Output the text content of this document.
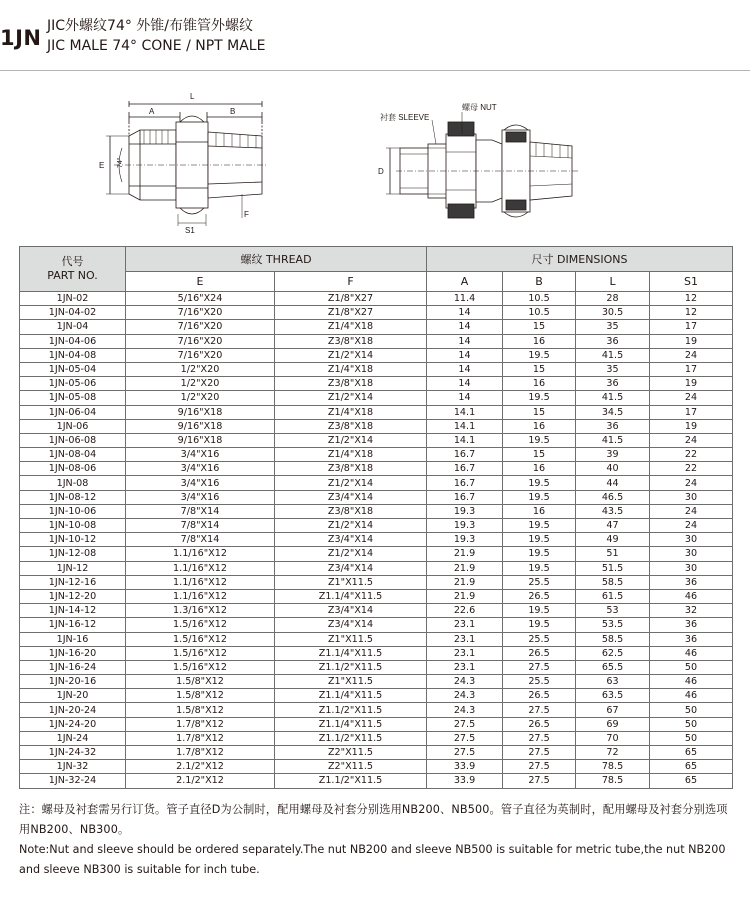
1JN JIC外螺纹74° 外锥/布锥管外螺纹
JIC MALE 74° CONE / NPT MALE
A
L
B
E
F
S1
74°
衬套 SLEEVE
螺母 NUT
D
代号
PART NO.	螺纹 THREAD		尺寸 DIMENSIONS			
	E	F	A	B	L	S1
1JN-02	5/16"X24	Z1/8"X27	11.4	10.5	28	12
1JN-04-02	7/16"X20	Z1/8"X27	14	10.5	30.5	12
1JN-04	7/16"X20	Z1/4"X18	14	15	35	17
1JN-04-06	7/16"X20	Z3/8"X18	14	16	36	19
1JN-04-08	7/16"X20	Z1/2"X14	14	19.5	41.5	24
1JN-05-04	1/2"X20	Z1/4"X18	14	15	35	17
1JN-05-06	1/2"X20	Z3/8"X18	14	16	36	19
1JN-05-08	1/2"X20	Z1/2"X14	14	19.5	41.5	24
1JN-06-04	9/16"X18	Z1/4"X18	14.1	15	34.5	17
1JN-06	9/16"X18	Z3/8"X18	14.1	16	36	19
1JN-06-08	9/16"X18	Z1/2"X14	14.1	19.5	41.5	24
1JN-08-04	3/4"X16	Z1/4"X18	16.7	15	39	22
1JN-08-06	3/4"X16	Z3/8"X18	16.7	16	40	22
1JN-08	3/4"X16	Z1/2"X14	16.7	19.5	44	24
1JN-08-12	3/4"X16	Z3/4"X14	16.7	19.5	46.5	30
1JN-10-06	7/8"X14	Z3/8"X18	19.3	16	43.5	24
1JN-10-08	7/8"X14	Z1/2"X14	19.3	19.5	47	24
1JN-10-12	7/8"X14	Z3/4"X14	19.3	19.5	49	30
1JN-12-08	1.1/16"X12	Z1/2"X14	21.9	19.5	51	30
1JN-12	1.1/16"X12	Z3/4"X14	21.9	19.5	51.5	30
1JN-12-16	1.1/16"X12	Z1"X11.5	21.9	25.5	58.5	36
1JN-12-20	1.1/16"X12	Z1.1/4"X11.5	21.9	26.5	61.5	46
1JN-14-12	1.3/16"X12	Z3/4"X14	22.6	19.5	53	32
1JN-16-12	1.5/16"X12	Z3/4"X14	23.1	19.5	53.5	36
1JN-16	1.5/16"X12	Z1"X11.5	23.1	25.5	58.5	36
1JN-16-20	1.5/16"X12	Z1.1/4"X11.5	23.1	26.5	62.5	46
1JN-16-24	1.5/16"X12	Z1.1/2"X11.5	23.1	27.5	65.5	50
1JN-20-16	1.5/8"X12	Z1"X11.5	24.3	25.5	63	46
1JN-20	1.5/8"X12	Z1.1/4"X11.5	24.3	26.5	63.5	46
1JN-20-24	1.5/8"X12	Z1.1/2"X11.5	24.3	27.5	67	50
1JN-24-20	1.7/8"X12	Z1.1/4"X11.5	27.5	26.5	69	50
1JN-24	1.7/8"X12	Z1.1/2"X11.5	27.5	27.5	70	50
1JN-24-32	1.7/8"X12	Z2"X11.5	27.5	27.5	72	65
1JN-32	2.1/2"X12	Z2"X11.5	33.9	27.5	78.5	65
1JN-32-24	2.1/2"X12	Z1.1/2"X11.5	33.9	27.5	78.5	65

注：螺母及衬套需另行订货。管子直径D为公制时，配用螺母及衬套分别选用NB200、NB500。管子直径为英制时，配用螺母及衬套分别选项用NB200、NB300。

Note:Nut and sleeve should be ordered separately.The nut NB200 and sleeve NB500 is suitable for metric tube,the nut NB200 and sleeve NB300 is suitable for inch tube.
